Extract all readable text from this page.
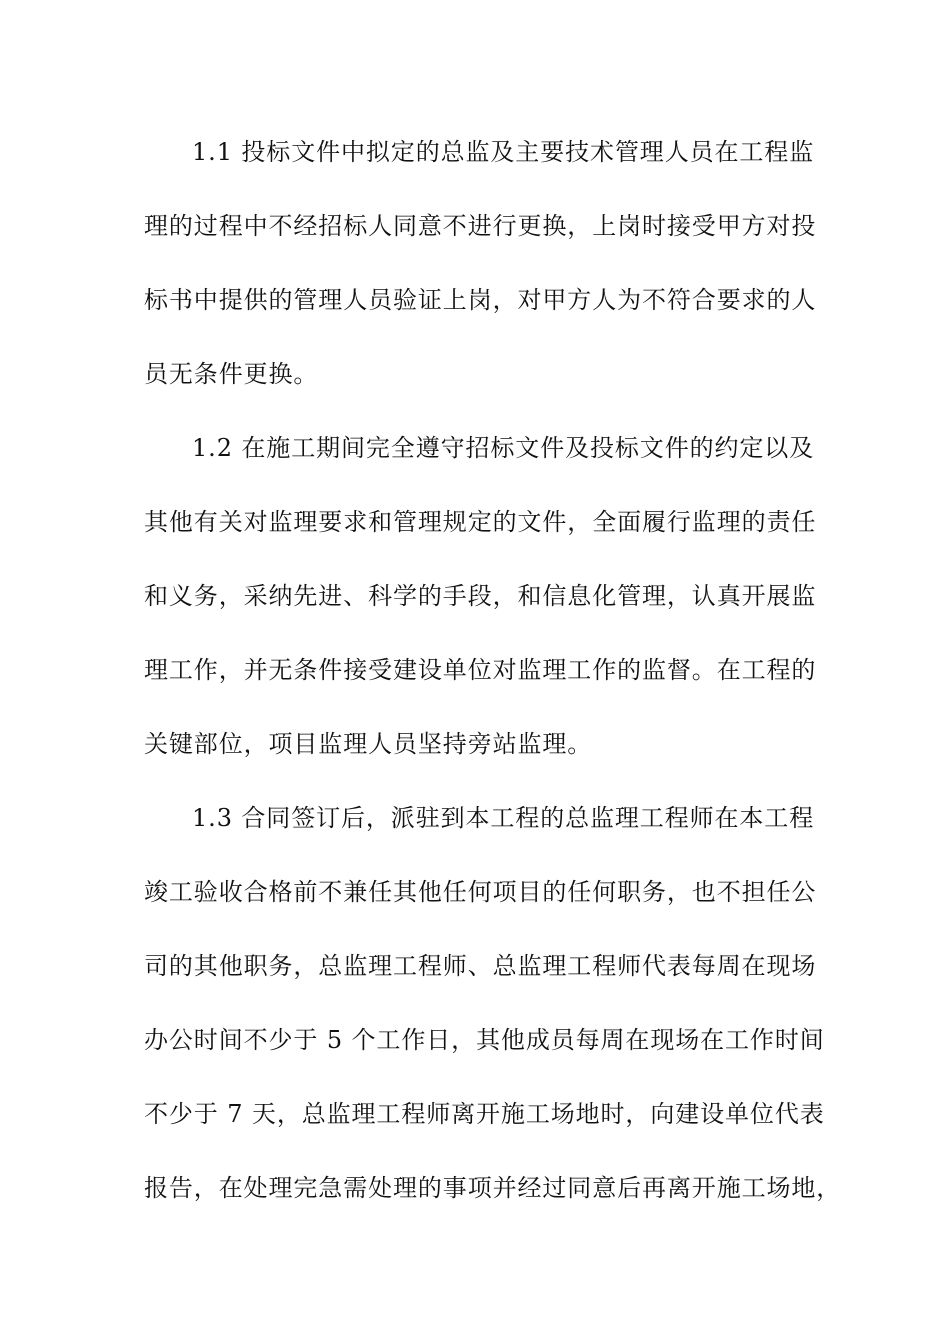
1.1 投标文件中拟定的总监及主要技术管理人员在工程监
理的过程中不经招标人同意不进行更换，上岗时接受甲方对投
标书中提供的管理人员验证上岗，对甲方人为不符合要求的人
员无条件更换。
1.2 在施工期间完全遵守招标文件及投标文件的约定以及
其他有关对监理要求和管理规定的文件，全面履行监理的责任
和义务，采纳先进、科学的手段，和信息化管理，认真开展监
理工作，并无条件接受建设单位对监理工作的监督。在工程的
关键部位，项目监理人员坚持旁站监理。
1.3 合同签订后，派驻到本工程的总监理工程师在本工程
竣工验收合格前不兼任其他任何项目的任何职务，也不担任公
司的其他职务，总监理工程师、总监理工程师代表每周在现场
办公时间不少于 5 个工作日，其他成员每周在现场在工作时间
不少于 7 天，总监理工程师离开施工场地时，向建设单位代表
报告，在处理完急需处理的事项并经过同意后再离开施工场地，
